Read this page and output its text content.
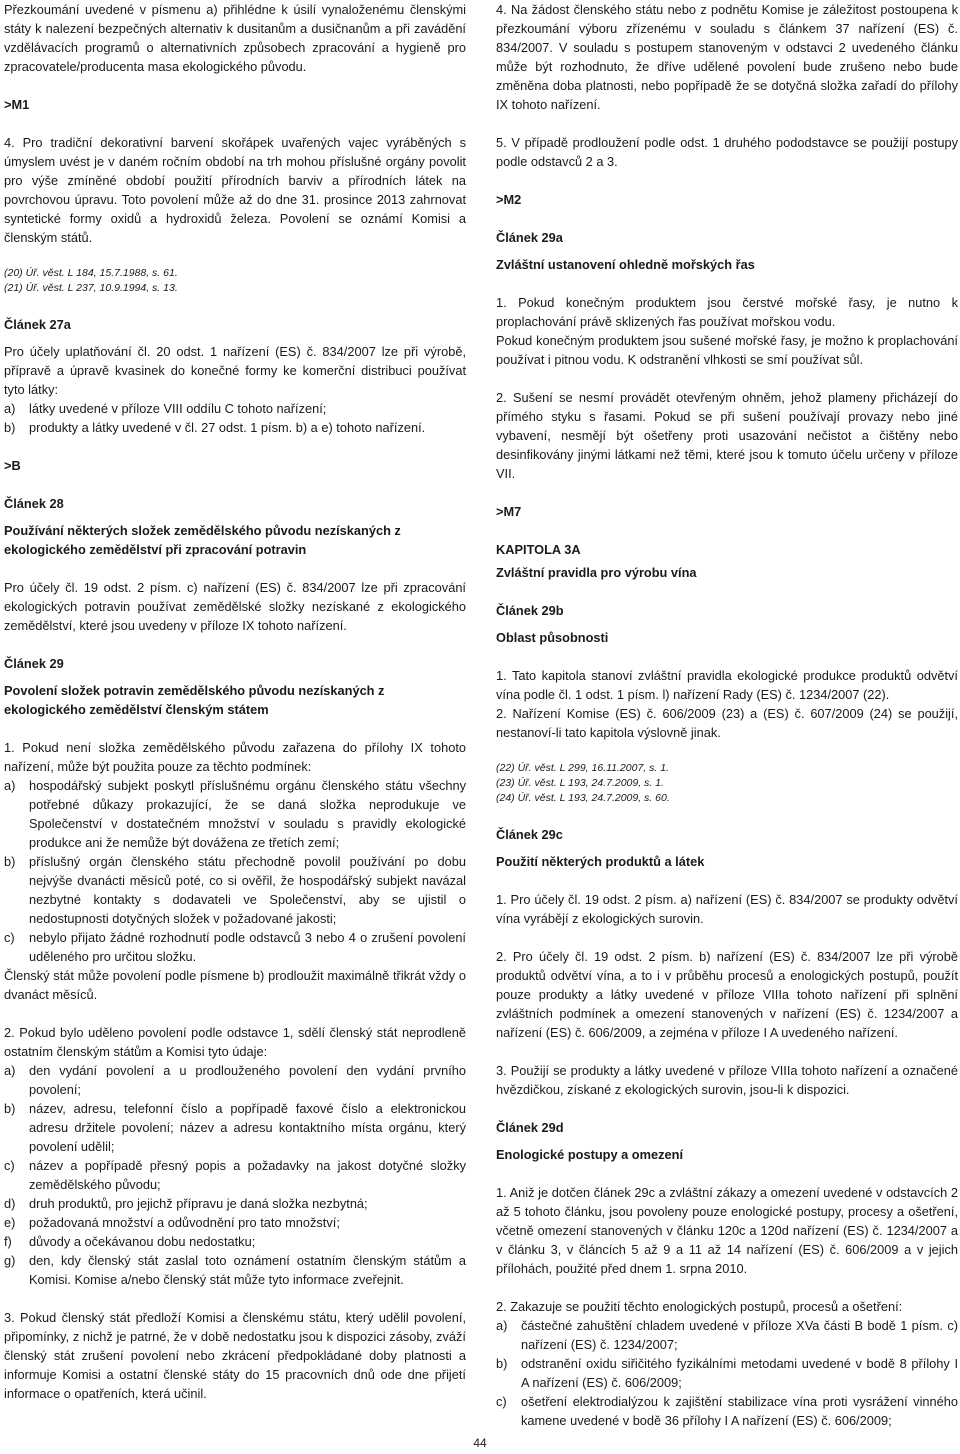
Přezkoumání uvedené v písmenu a) přihlédne k úsilí vynaloženému členskými státy k nalezení bezpečných alternativ k dusitanům a dusičnanům a při zavádění vzdělávacích programů o alternativních způsobech zpracování a hygieně pro zpracovatele/producenta masa ekologického původu.

>M1

4. Pro tradiční dekorativní barvení skořápek uvařených vajec vyráběných s úmyslem uvést je v daném ročním období na trh mohou příslušné orgány povolit pro výše zmíněné období použití přírodních barviv a přírodních látek na povrchovou úpravu. Toto povolení může až do dne 31. prosince 2013 zahrnovat syntetické formy oxidů a hydroxidů železa. Povolení se oznámí Komisi a členským států.

(20) Úř. věst. L 184, 15.7.1988, s. 61.
(21) Úř. věst. L 237, 10.9.1994, s. 13.
Článek 27a

Pro účely uplatňování čl. 20 odst. 1 nařízení (ES) č. 834/2007 lze při výrobě, přípravě a úpravě kvasinek do konečné formy ke komerční distribuci používat tyto látky:

a) látky uvedené v příloze VIII oddílu C tohoto nařízení;
b) produkty a látky uvedené v čl. 27 odst. 1 písm. b) a e) tohoto nařízení.
>B
Článek 28
Používání některých složek zemědělského původu nezískaných z ekologického zemědělství při zpracování potravin

Pro účely čl. 19 odst. 2 písm. c) nařízení (ES) č. 834/2007 lze při zpracování ekologických potravin používat zemědělské složky nezískané z ekologického zemědělství, které jsou uvedeny v příloze IX tohoto nařízení.

Článek 29
Povolení složek potravin zemědělského původu nezískaných z ekologického zemědělství členským státem

1. Pokud není složka zemědělského původu zařazena do přílohy IX tohoto nařízení, může být použita pouze za těchto podmínek:

a) hospodářský subjekt poskytl příslušnému orgánu členského státu všechny potřebné důkazy prokazující, že se daná složka neprodukuje ve Společenství v dostatečném množství v souladu s pravidly ekologické produkce ani že nemůže být dovážena ze třetích zemí;
b) příslušný orgán členského státu přechodně povolil používání po dobu nejvýše dvanácti měsíců poté, co si ověřil, že hospodářský subjekt navázal nezbytné kontakty s dodavateli ve Společenství, aby se ujistil o nedostupnosti dotyčných složek v požadované jakosti;
c) nebylo přijato žádné rozhodnutí podle odstavců 3 nebo 4 o zrušení povolení uděleného pro určitou složku.

Členský stát může povolení podle písmene b) prodloužit maximálně třikrát vždy o dvanáct měsíců.

2. Pokud bylo uděleno povolení podle odstavce 1, sdělí členský stát neprodleně ostatním členským státům a Komisi tyto údaje:

a) den vydání povolení a u prodlouženého povolení den vydání prvního povolení;
b) název, adresu, telefonní číslo a popřípadě faxové číslo a elektronickou adresu držitele povolení; název a adresu kontaktního místa orgánu, který povolení udělil;
c) název a popřípadě přesný popis a požadavky na jakost dotyčné složky zemědělského původu;
d) druh produktů, pro jejichž přípravu je daná složka nezbytná;
e) požadovaná množství a odůvodnění pro tato množství;
f) důvody a očekávanou dobu nedostatku;
g) den, kdy členský stát zaslal toto oznámení ostatním členským státům a Komisi. Komise a/nebo členský stát může tyto informace zveřejnit.

3. Pokud členský stát předloží Komisi a členskému státu, který udělil povolení, připomínky, z nichž je patrné, že v době nedostatku jsou k dispozici zásoby, zváží členský stát zrušení povolení nebo zkrácení předpokládané doby platnosti a informuje Komisi a ostatní členské státy do 15 pracovních dnů ode dne přijetí informace o opatřeních, která učinil.

4. Na žádost členského státu nebo z podnětu Komise je záležitost postoupena k přezkoumání výboru zřízenému v souladu s článkem 37 nařízení (ES) č. 834/2007. V souladu s postupem stanoveným v odstavci 2 uvedeného článku může být rozhodnuto, že dříve udělené povolení bude zrušeno nebo bude změněna doba platnosti, nebo popřípadě že se dotyčná složka zařadí do přílohy IX tohoto nařízení.

5. V případě prodloužení podle odst. 1 druhého pododstavce se použijí postupy podle odstavců 2 a 3.

>M2
Článek 29a
Zvláštní ustanovení ohledně mořských řas

1. Pokud konečným produktem jsou čerstvé mořské řasy, je nutno k proplachování právě sklizených řas používat mořskou vodu.

Pokud konečným produktem jsou sušené mořské řasy, je možno k proplachování používat i pitnou vodu. K odstranění vlhkosti se smí používat sůl.

2. Sušení se nesmí provádět otevřeným ohněm, jehož plameny přicházejí do přímého styku s řasami. Pokud se při sušení používají provazy nebo jiné vybavení, nesmějí být ošetřeny proti usazování nečistot a čištěny nebo desinfikovány jinými látkami než těmi, které jsou k tomuto účelu určeny v příloze VII.

>M7
KAPITOLA 3A
Zvláštní pravidla pro výrobu vína
Článek 29b
Oblast působnosti

1. Tato kapitola stanoví zvláštní pravidla ekologické produkce produktů odvětví vína podle čl. 1 odst. 1 písm. l) nařízení Rady (ES) č. 1234/2007 (22).

2. Nařízení Komise (ES) č. 606/2009 (23) a (ES) č. 607/2009 (24) se použijí, nestanoví-li tato kapitola výslovně jinak.

(22) Úř. věst. L 299, 16.11.2007, s. 1.
(23) Úř. věst. L 193, 24.7.2009, s. 1.
(24) Úř. věst. L 193, 24.7.2009, s. 60.
Článek 29c
Použití některých produktů a látek

1. Pro účely čl. 19 odst. 2 písm. a) nařízení (ES) č. 834/2007 se produkty odvětví vína vyrábějí z ekologických surovin.

2. Pro účely čl. 19 odst. 2 písm. b) nařízení (ES) č. 834/2007 lze při výrobě produktů odvětví vína, a to i v průběhu procesů a enologických postupů, použít pouze produkty a látky uvedené v příloze VIIIa tohoto nařízení při splnění zvláštních podmínek a omezení stanovených v nařízení (ES) č. 1234/2007 a nařízení (ES) č. 606/2009, a zejména v příloze I A uvedeného nařízení.

3. Použijí se produkty a látky uvedené v příloze VIIIa tohoto nařízení a označené hvězdičkou, získané z ekologických surovin, jsou-li k dispozici.

Článek 29d
Enologické postupy a omezení

1. Aniž je dotčen článek 29c a zvláštní zákazy a omezení uvedené v odstavcích 2 až 5 tohoto článku, jsou povoleny pouze enologické postupy, procesy a ošetření, včetně omezení stanovených v článku 120c a 120d nařízení (ES) č. 1234/2007 a v článku 3, v článcích 5 až 9 a 11 až 14 nařízení (ES) č. 606/2009 a v jejich přílohách, použité před dnem 1. srpna 2010.

2. Zakazuje se použití těchto enologických postupů, procesů a ošetření:

a) částečné zahuštění chladem uvedené v příloze XVa části B bodě 1 písm. c) nařízení (ES) č. 1234/2007;
b) odstranění oxidu siřičitého fyzikálními metodami uvedené v bodě 8 přílohy I A nařízení (ES) č. 606/2009;
c) ošetření elektrodialýzou k zajištění stabilizace vína proti vysrážení vinného kamene uvedené v bodě 36 přílohy I A nařízení (ES) č. 606/2009;
44
